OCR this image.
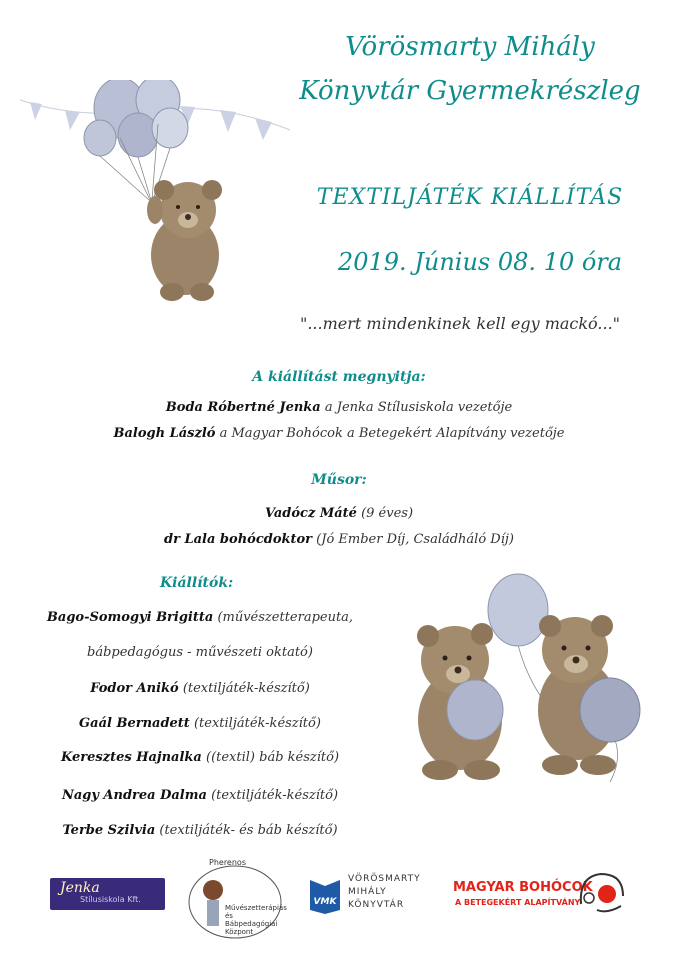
Vörösmarty Mihály
Könyvtár Gyermekrészleg
TEXTILJÁTÉK KIÁLLÍTÁS
2019. Június 08. 10 óra
"...mert mindenkinek kell egy mackó..."
A kiállítást megnyitja:
Boda Róbertné Jenka a Jenka Stílusiskola vezetője
Balogh László a Magyar Bohócok a Betegekért Alapítvány vezetője
Műsor:
Vadócz Máté (9 éves)
dr Lala bohócdoktor (Jó Ember Díj, Családháló Díj)
Kiállítók:
Bago-Somogyi Brigitta (művészetterapeuta,
bábpedagógus - művészeti oktató)
Fodor Anikó (textiljáték-készítő)
Gaál Bernadett (textiljáték-készítő)
Keresztes Hajnalka ((textil) báb készítő)
Nagy Andrea Dalma (textiljáték-készítő)
Terbe Szilvia (textiljáték- és báb készítő)
Jenka
Stílusiskola Kft.
Pherenos
Művészetterápiás és Bábpedagógiai Központ
VMK
VÖRÖSMARTY
MIHÁLY
KÖNYVTÁR
MAGYAR BOHÓCOK
A BETEGEKÉRT ALAPÍTVÁNY
